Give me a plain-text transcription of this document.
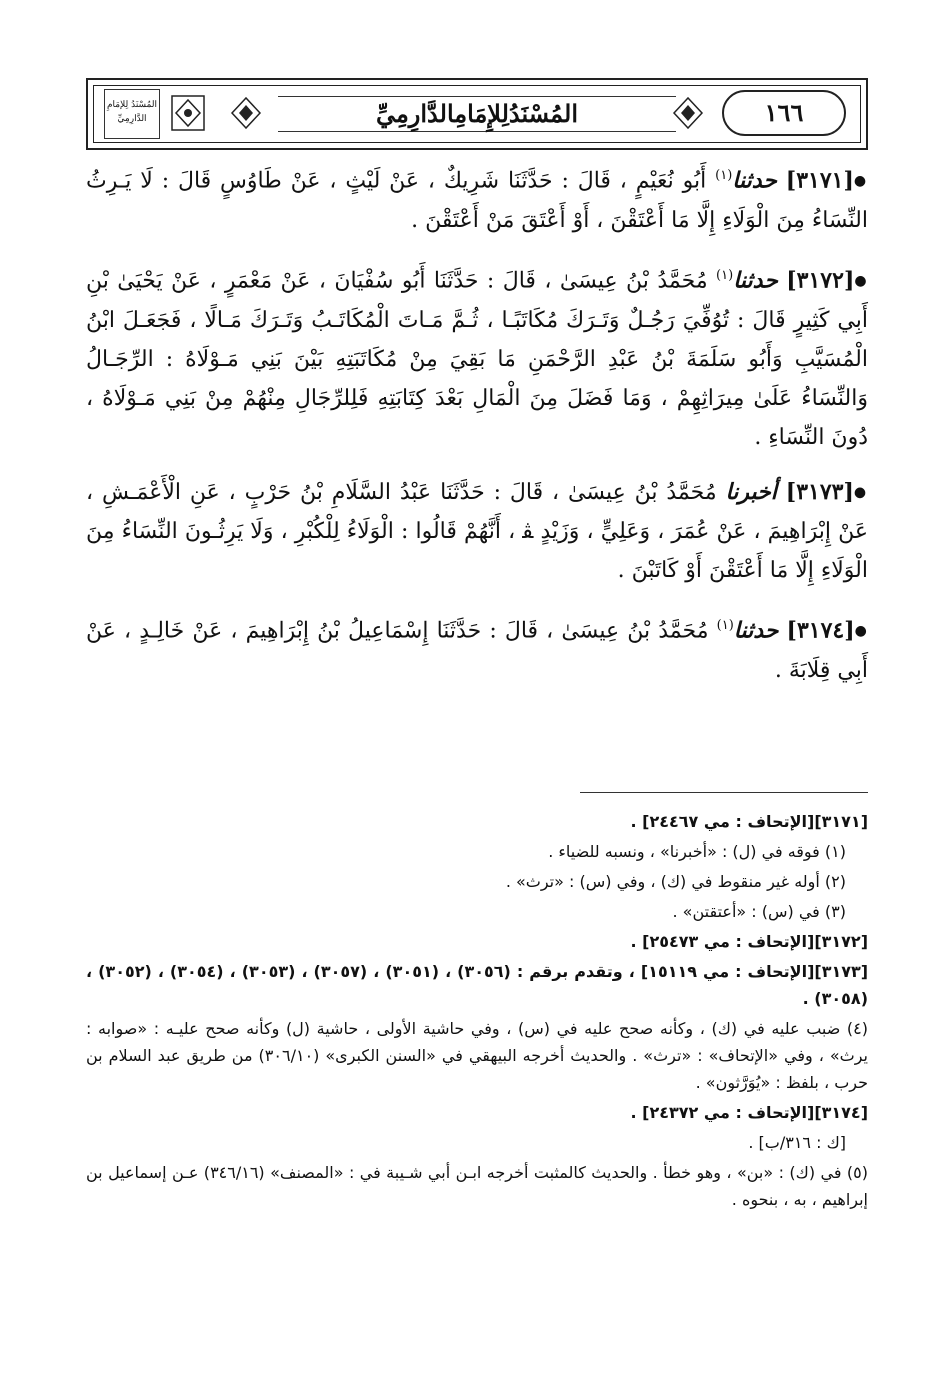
المُسْنَدُ لِلإمَامِ الدَّارِمِيِّ	المُسْنَدُلِلإِمَامِالدَّارِمِيِّ	١٦٦

●[٣١٧١] حدثنا$^{(١)}$ أَبُو نُعَيْمٍ ، قَالَ : حَدَّثَنَا شَرِيكٌ ، عَنْ لَيْثٍ ، عَنْ طَاوُسٍ قَالَ : لَا يَـرِثُ النِّسَاءُ مِنَ الْوَلَاءِ إِلَّا مَا أَعْتَقْنَ ، أَوْ أَعْتَقَ مَنْ أَعْتَقْنَ .

●[٣١٧٢] حدثنا$^{(١)}$ مُحَمَّدُ بْنُ عِيسَىٰ ، قَالَ : حَدَّثَنَا أَبُو سُفْيَانَ ، عَنْ مَعْمَرٍ ، عَنْ يَحْيَىٰ بْنِ أَبِي كَثِيرٍ قَالَ : تُوُفِّيَ رَجُـلٌ وَتَـرَكَ مُكَاتَبًـا ، ثُـمَّ مَـاتَ الْمُكَاتَـبُ وَتَـرَكَ مَـالًا ، فَجَعَـلَ ابْنُ الْمُسَيَّبِ وَأَبُو سَلَمَةَ بْنُ عَبْدِ الرَّحْمَنِ مَا بَقِيَ مِنْ مُكَاتَبَتِهِ بَيْنَ بَنِي مَـوْلَاهُ : الرِّجَـالُ وَالنِّسَاءُ عَلَىٰ مِيرَاثِهِمْ ، وَمَا فَضَلَ مِنَ الْمَالِ بَعْدَ كِتَابَتِهِ فَلِلرِّجَالِ مِنْهُمْ مِنْ بَنِي مَـوْلَاهُ ، دُونَ النِّسَاءِ .

●[٣١٧٣] أخبرنا مُحَمَّدُ بْنُ عِيسَىٰ ، قَالَ : حَدَّثَنَا عَبْدُ السَّلَامِ بْنُ حَرْبٍ ، عَنِ الْأَعْمَـشِ ، عَنْ إِبْرَاهِيمَ ، عَنْ عُمَرَ ، وَعَلِيٍّ ، وَزَيْدٍ ﭭ ، أَنَّهُمْ قَالُوا : الْوَلَاءُ لِلْكُبْرِ ، وَلَا يَرِثُـونَ النِّسَاءُ مِنَ الْوَلَاءِ إِلَّا مَا أَعْتَقْنَ أَوْ كَاتَبْنَ .

●[٣١٧٤] حدثنا$^{(١)}$ مُحَمَّدُ بْنُ عِيسَىٰ ، قَالَ : حَدَّثَنَا إِسْمَاعِيلُ بْنُ إِبْرَاهِيمَ ، عَنْ خَالِـدٍ ، عَنْ أَبِي قِلَابَةَ .

[٣١٧١][الإتحاف : مي ٢٤٤٦٧] .

(١) فوقه في (ل) : «أخبرنا» ، ونسبه للضياء .

(٢) أوله غير منقوط في (ك) ، وفي (س) : «ترث» .

(٣) في (س) : «أعتقتن» .

[٣١٧٢][الإتحاف : مي ٢٥٤٧٣] .

[٣١٧٣][الإتحاف : مي ١٥١١٩] ، وتقدم برقم : (٣٠٥٦) ، (٣٠٥١) ، (٣٠٥٧) ، (٣٠٥٣) ، (٣٠٥٤) ، (٣٠٥٢) ، (٣٠٥٨) .

(٤) ضبب عليه في (ك) ، وكأنه صحح عليه في (س) ، وفي حاشية الأولى ، حاشية (ل) وكأنه صحح عليـه : «صوابه : يرث» ، وفي «الإتحاف» : «ترث» . والحديث أخرجه البيهقي في «السنن الكبرى» (٣٠٦/١٠) من طريق عبد السلام بن حرب ، بلفظ : «يُوَرَّثون» .

[٣١٧٤][الإتحاف : مي ٢٤٣٧٢] .

[ك : ٣١٦/ب] .

(٥) في (ك) : «بن» ، وهو خطأ . والحديث كالمثبت أخرجه ابـن أبي شـيبة في : «المصنف» (٣٤٦/١٦) عـن إسماعيل بن إبراهيم ، به ، بنحوه .
